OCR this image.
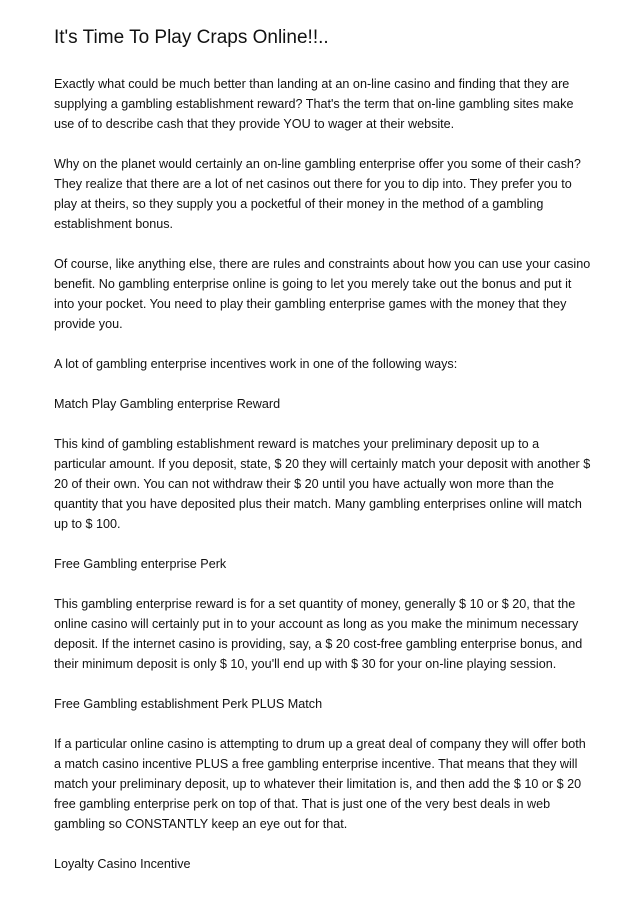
It's Time To Play Craps Online!!..

Exactly what could be much better than landing at an on-line casino and finding that they are supplying a gambling establishment reward? That's the term that on-line gambling sites make use of to describe cash that they provide YOU to wager at their website.

Why on the planet would certainly an on-line gambling enterprise offer you some of their cash? They realize that there are a lot of net casinos out there for you to dip into. They prefer you to play at theirs, so they supply you a pocketful of their money in the method of a gambling establishment bonus.

Of course, like anything else, there are rules and constraints about how you can use your casino benefit. No gambling enterprise online is going to let you merely take out the bonus and put it into your pocket. You need to play their gambling enterprise games with the money that they provide you.

A lot of gambling enterprise incentives work in one of the following ways:

Match Play Gambling enterprise Reward

This kind of gambling establishment reward is matches your preliminary deposit up to a particular amount. If you deposit, state, $ 20 they will certainly match your deposit with another $ 20 of their own. You can not withdraw their $ 20 until you have actually won more than the quantity that you have deposited plus their match. Many gambling enterprises online will match up to $ 100.

Free Gambling enterprise Perk

This gambling enterprise reward is for a set quantity of money, generally $ 10 or $ 20, that the online casino will certainly put in to your account as long as you make the minimum necessary deposit. If the internet casino is providing, say, a $ 20 cost-free gambling enterprise bonus, and their minimum deposit is only $ 10, you'll end up with $ 30 for your on-line playing session.

Free Gambling establishment Perk PLUS Match

If a particular online casino is attempting to drum up a great deal of company they will offer both a match casino incentive PLUS a free gambling enterprise incentive. That means that they will match your preliminary deposit, up to whatever their limitation is, and then add the $ 10 or $ 20 free gambling enterprise perk on top of that. That is just one of the very best deals in web gambling so CONSTANTLY keep an eye out for that.

Loyalty Casino Incentive
